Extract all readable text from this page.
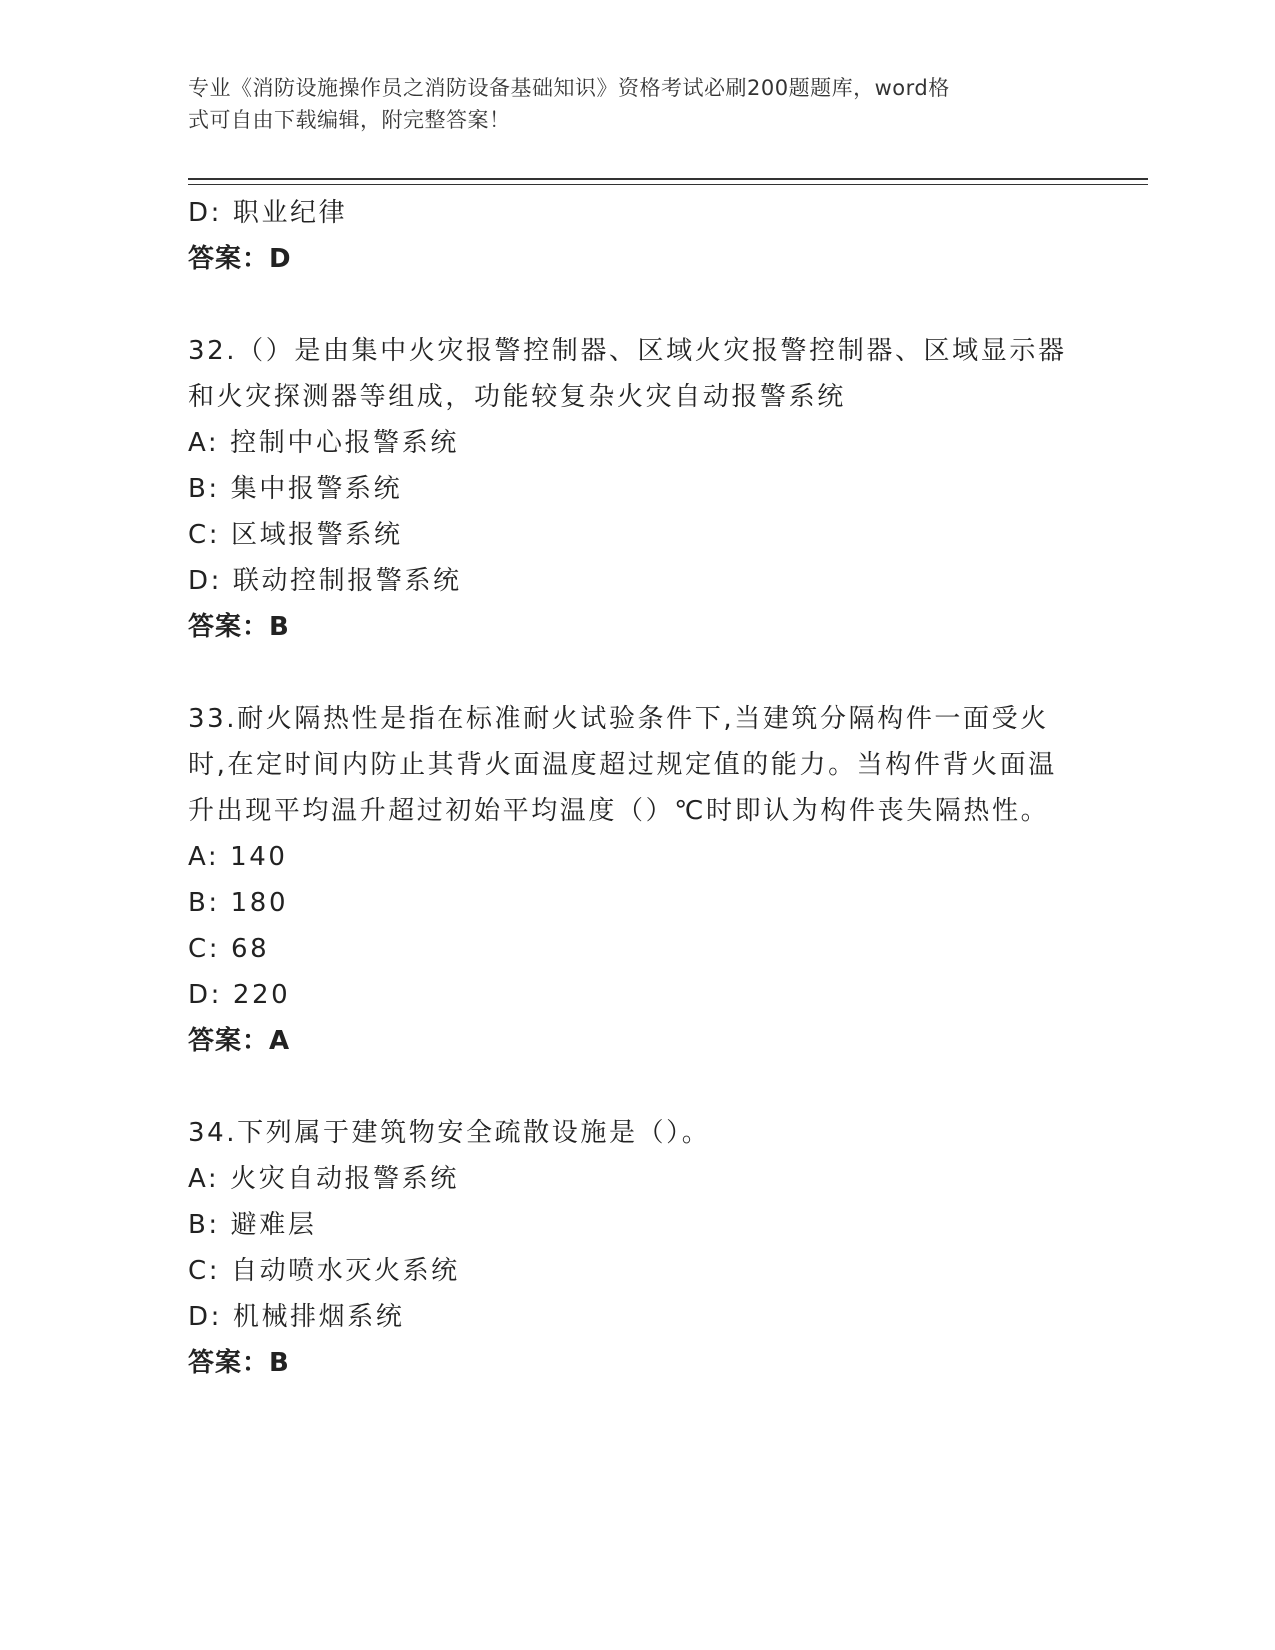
专业《消防设施操作员之消防设备基础知识》资格考试必刷200题题库，word格
式可自由下载编辑，附完整答案！
D: 职业纪律
答案：D
32.（）是由集中火灾报警控制器、区域火灾报警控制器、区域显示器
和火灾探测器等组成，功能较复杂火灾自动报警系统
A: 控制中心报警系统
B: 集中报警系统
C: 区域报警系统
D: 联动控制报警系统
答案：B
33.耐火隔热性是指在标准耐火试验条件下,当建筑分隔构件一面受火
时,在定时间内防止其背火面温度超过规定值的能力。当构件背火面温
升出现平均温升超过初始平均温度（）℃时即认为构件丧失隔热性。
A: 140
B: 180
C: 68
D: 220
答案：A
34.下列属于建筑物安全疏散设施是（）。
A: 火灾自动报警系统
B: 避难层
C: 自动喷水灭火系统
D: 机械排烟系统
答案：B
